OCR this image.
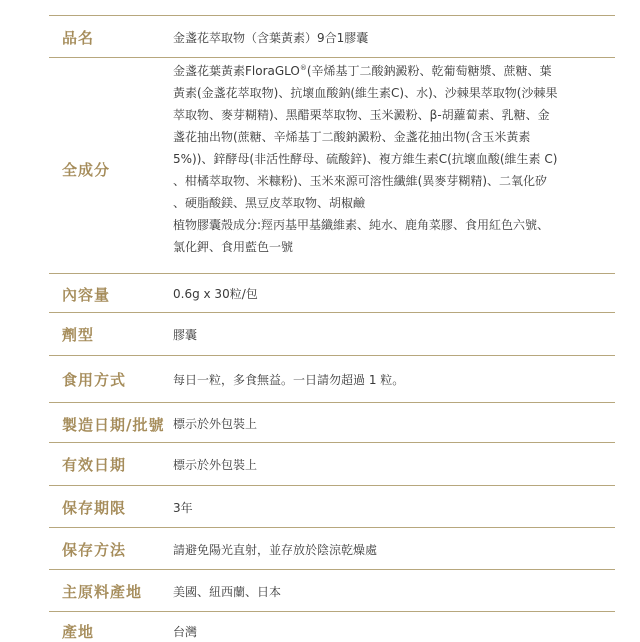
品名	金盞花萃取物（含葉黃素）9合1膠囊
全成分
金盞花葉黃素FloraGLO®(辛烯基丁二酸鈉澱粉、乾葡萄糖漿、蔗糖、葉
黃素(金盞花萃取物)、抗壞血酸鈉(維生素C)、水)、沙棘果萃取物(沙棘果
萃取物、麥芽糊精)、黑醋栗萃取物、玉米澱粉、β-胡蘿蔔素、乳糖、金
盞花抽出物(蔗糖、辛烯基丁二酸鈉澱粉、金盞花抽出物(含玉米黃素
5%))、鋅酵母(非活性酵母、硫酸鋅)、複方維生素C(抗壞血酸(維生素 C)
、柑橘萃取物、米糠粉)、玉米來源可溶性纖維(異麥芽糊精)、二氧化矽
、硬脂酸鎂、黑豆皮萃取物、胡椒鹼
植物膠囊殼成分:羥丙基甲基纖維素、純水、鹿角菜膠、食用紅色六號、
氯化鉀、食用藍色一號
內容量	0.6g x 30粒/包
劑型	膠囊
食用方式	每日一粒，多食無益。一日請勿超過 1 粒。
製造日期/批號 標示於外包裝上
有效日期	標示於外包裝上
保存期限	3年
保存方法	請避免陽光直射，並存放於陰涼乾燥處
主原料產地	美國、紐西蘭、日本
產地	台灣
